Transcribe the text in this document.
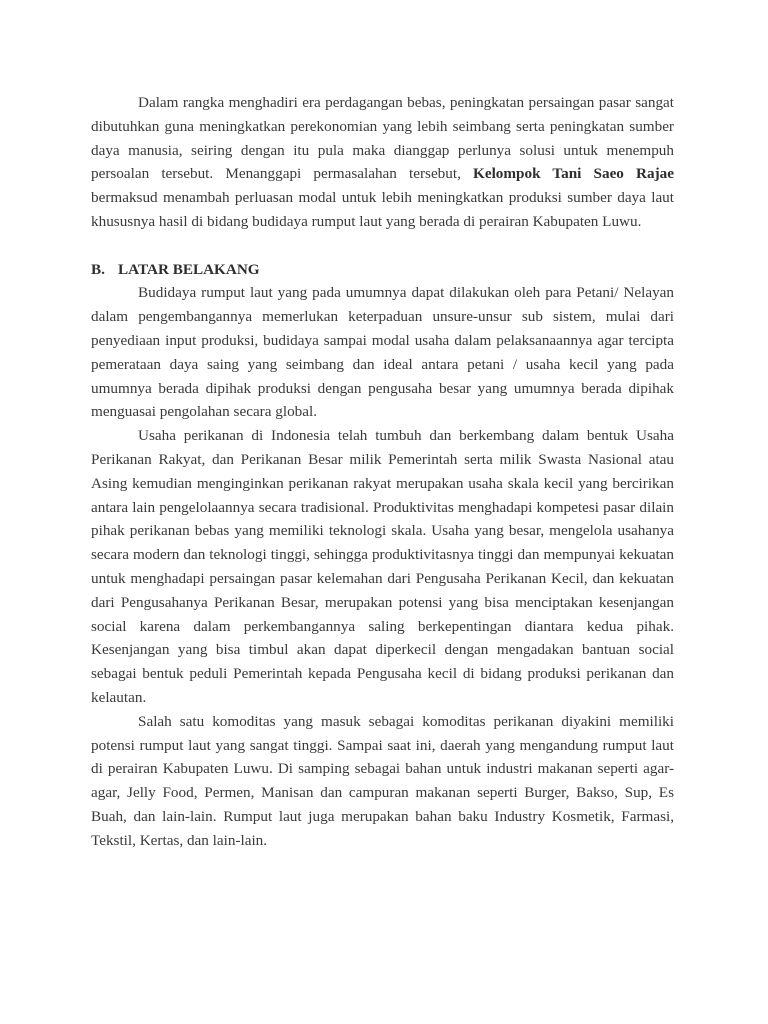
Dalam rangka menghadiri era perdagangan bebas, peningkatan persaingan pasar sangat dibutuhkan guna meningkatkan perekonomian yang lebih seimbang serta peningkatan sumber daya manusia, seiring dengan itu pula maka dianggap perlunya solusi untuk menempuh persoalan tersebut. Menanggapi permasalahan tersebut, Kelompok Tani Saeo Rajae bermaksud menambah perluasan modal untuk lebih meningkatkan produksi sumber daya laut khususnya hasil di bidang budidaya rumput laut yang berada di perairan Kabupaten Luwu.

B. LATAR BELAKANG

Budidaya rumput laut yang pada umumnya dapat dilakukan oleh para Petani/ Nelayan dalam pengembangannya memerlukan keterpaduan unsure-unsur sub sistem, mulai dari penyediaan input produksi, budidaya sampai modal usaha dalam pelaksanaannya agar tercipta pemerataan daya saing yang seimbang dan ideal antara petani / usaha kecil yang pada umumnya berada dipihak produksi dengan pengusaha besar yang umumnya berada dipihak menguasai pengolahan secara global.

Usaha perikanan di Indonesia telah tumbuh dan berkembang dalam bentuk Usaha Perikanan Rakyat, dan Perikanan Besar milik Pemerintah serta milik Swasta Nasional atau Asing kemudian menginginkan perikanan rakyat merupakan usaha skala kecil yang bercirikan antara lain pengelolaannya secara tradisional. Produktivitas menghadapi kompetesi pasar dilain pihak perikanan bebas yang memiliki teknologi skala. Usaha yang besar, mengelola usahanya secara modern dan teknologi tinggi, sehingga produktivitasnya tinggi dan mempunyai kekuatan untuk menghadapi persaingan pasar kelemahan dari Pengusaha Perikanan Kecil, dan kekuatan dari Pengusahanya Perikanan Besar, merupakan potensi yang bisa menciptakan kesenjangan social karena dalam perkembangannya saling berkepentingan diantara kedua pihak. Kesenjangan yang bisa timbul akan dapat diperkecil dengan mengadakan bantuan social sebagai bentuk peduli Pemerintah kepada Pengusaha kecil di bidang produksi perikanan dan kelautan.

Salah satu komoditas yang masuk sebagai komoditas perikanan diyakini memiliki potensi rumput laut yang sangat tinggi. Sampai saat ini, daerah yang mengandung rumput laut di perairan Kabupaten Luwu. Di samping sebagai bahan untuk industri makanan seperti agar-agar, Jelly Food, Permen, Manisan dan campuran makanan seperti Burger, Bakso, Sup, Es Buah, dan lain-lain. Rumput laut juga merupakan bahan baku Industry Kosmetik, Farmasi, Tekstil, Kertas, dan lain-lain.
